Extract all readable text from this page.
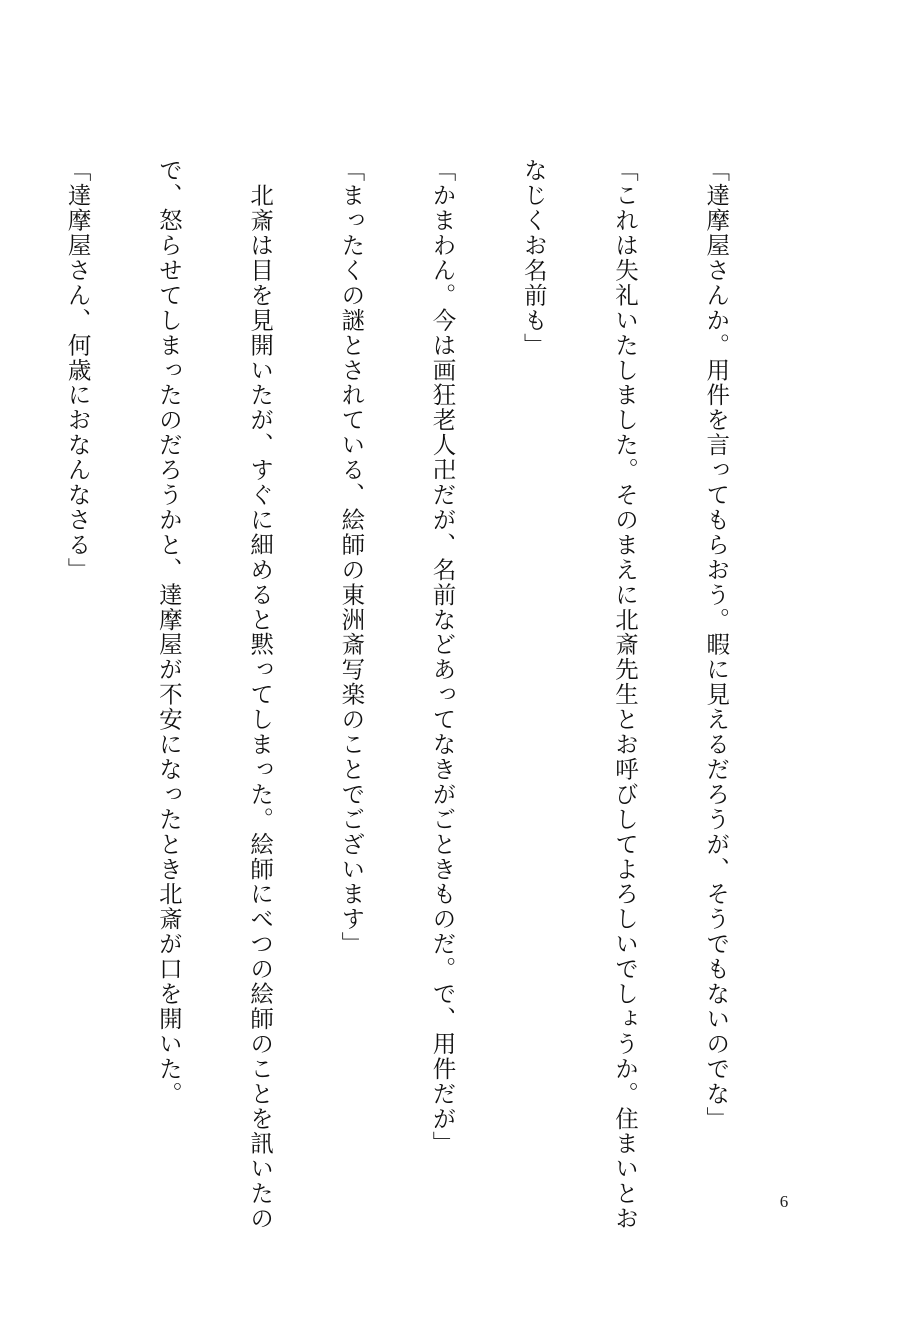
「達摩屋さんか。用件を言ってもらおう。暇に見えるだろうが、そうでもないのでな」

「これは失礼いたしました。そのまえに北斎先生とお呼びしてよろしいでしょうか。住まいとお

なじくお名前も」

「かまわん。今は画狂老人卍だが、名前などあってなきがごときものだ。で、用件だが」

「まったくの謎とされている、絵師の東洲斎写楽のことでございます」

　北斎は目を見開いたが、すぐに細めると黙ってしまった。絵師にべつの絵師のことを訊いたの

で、怒らせてしまったのだろうかと、達摩屋が不安になったとき北斎が口を開いた。

「達摩屋さん、何歳におなんなさる」

6
